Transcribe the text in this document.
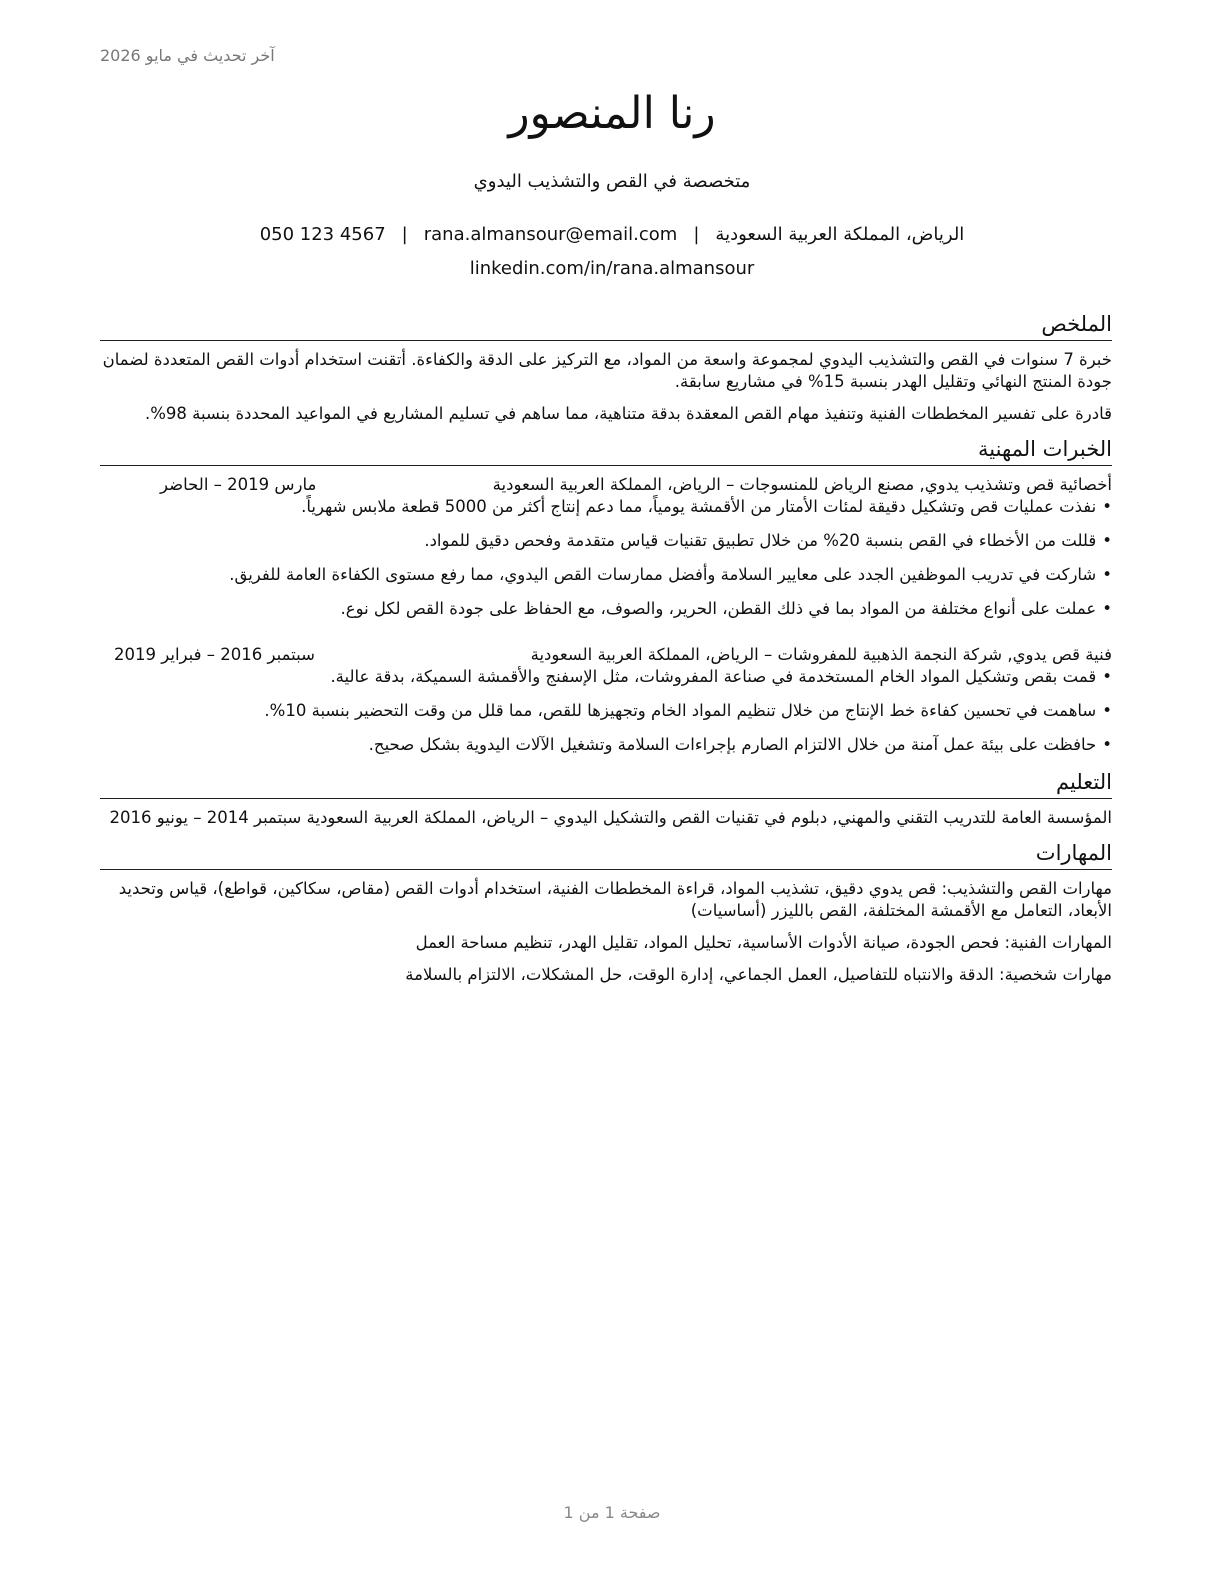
آخر تحديث في مايو 2026
رنا المنصور
متخصصة في القص والتشذيب اليدوي
الرياض، المملكة العربية السعودية|rana.almansour@email.com|050 123 4567
linkedin.com/in/rana.almansour
الملخص

خبرة 7 سنوات في القص والتشذيب اليدوي لمجموعة واسعة من المواد، مع التركيز على الدقة والكفاءة. أتقنت استخدام أدوات القص المتعددة لضمان جودة المنتج النهائي وتقليل الهدر بنسبة 15% في مشاريع سابقة.

قادرة على تفسير المخططات الفنية وتنفيذ مهام القص المعقدة بدقة متناهية، مما ساهم في تسليم المشاريع في المواعيد المحددة بنسبة 98%.

الخبرات المهنية
أخصائية قص وتشذيب يدوي, مصنع الرياض للمنسوجات – الرياض، المملكة العربية السعودية
مارس 2019 – الحاضر
•نفذت عمليات قص وتشكيل دقيقة لمئات الأمتار من الأقمشة يومياً، مما دعم إنتاج أكثر من 5000 قطعة ملابس شهرياً.
•قللت من الأخطاء في القص بنسبة 20% من خلال تطبيق تقنيات قياس متقدمة وفحص دقيق للمواد.
•شاركت في تدريب الموظفين الجدد على معايير السلامة وأفضل ممارسات القص اليدوي، مما رفع مستوى الكفاءة العامة للفريق.
•عملت على أنواع مختلفة من المواد بما في ذلك القطن، الحرير، والصوف، مع الحفاظ على جودة القص لكل نوع.
فنية قص يدوي, شركة النجمة الذهبية للمفروشات – الرياض، المملكة العربية السعودية
سبتمبر 2016 – فبراير 2019
•قمت بقص وتشكيل المواد الخام المستخدمة في صناعة المفروشات، مثل الإسفنج والأقمشة السميكة، بدقة عالية.
•ساهمت في تحسين كفاءة خط الإنتاج من خلال تنظيم المواد الخام وتجهيزها للقص، مما قلل من وقت التحضير بنسبة 10%.
•حافظت على بيئة عمل آمنة من خلال الالتزام الصارم بإجراءات السلامة وتشغيل الآلات اليدوية بشكل صحيح.
التعليم

المؤسسة العامة للتدريب التقني والمهني, دبلوم في تقنيات القص والتشكيل اليدوي – الرياض، المملكة العربية السعودية سبتمبر 2014 – يونيو 2016

المهارات

مهارات القص والتشذيب: قص يدوي دقيق، تشذيب المواد، قراءة المخططات الفنية، استخدام أدوات القص (مقاص، سكاكين، قواطع)، قياس وتحديد الأبعاد، التعامل مع الأقمشة المختلفة، القص بالليزر (أساسيات)

المهارات الفنية: فحص الجودة، صيانة الأدوات الأساسية، تحليل المواد، تقليل الهدر، تنظيم مساحة العمل

مهارات شخصية: الدقة والانتباه للتفاصيل، العمل الجماعي، إدارة الوقت، حل المشكلات، الالتزام بالسلامة

صفحة 1 من 1
